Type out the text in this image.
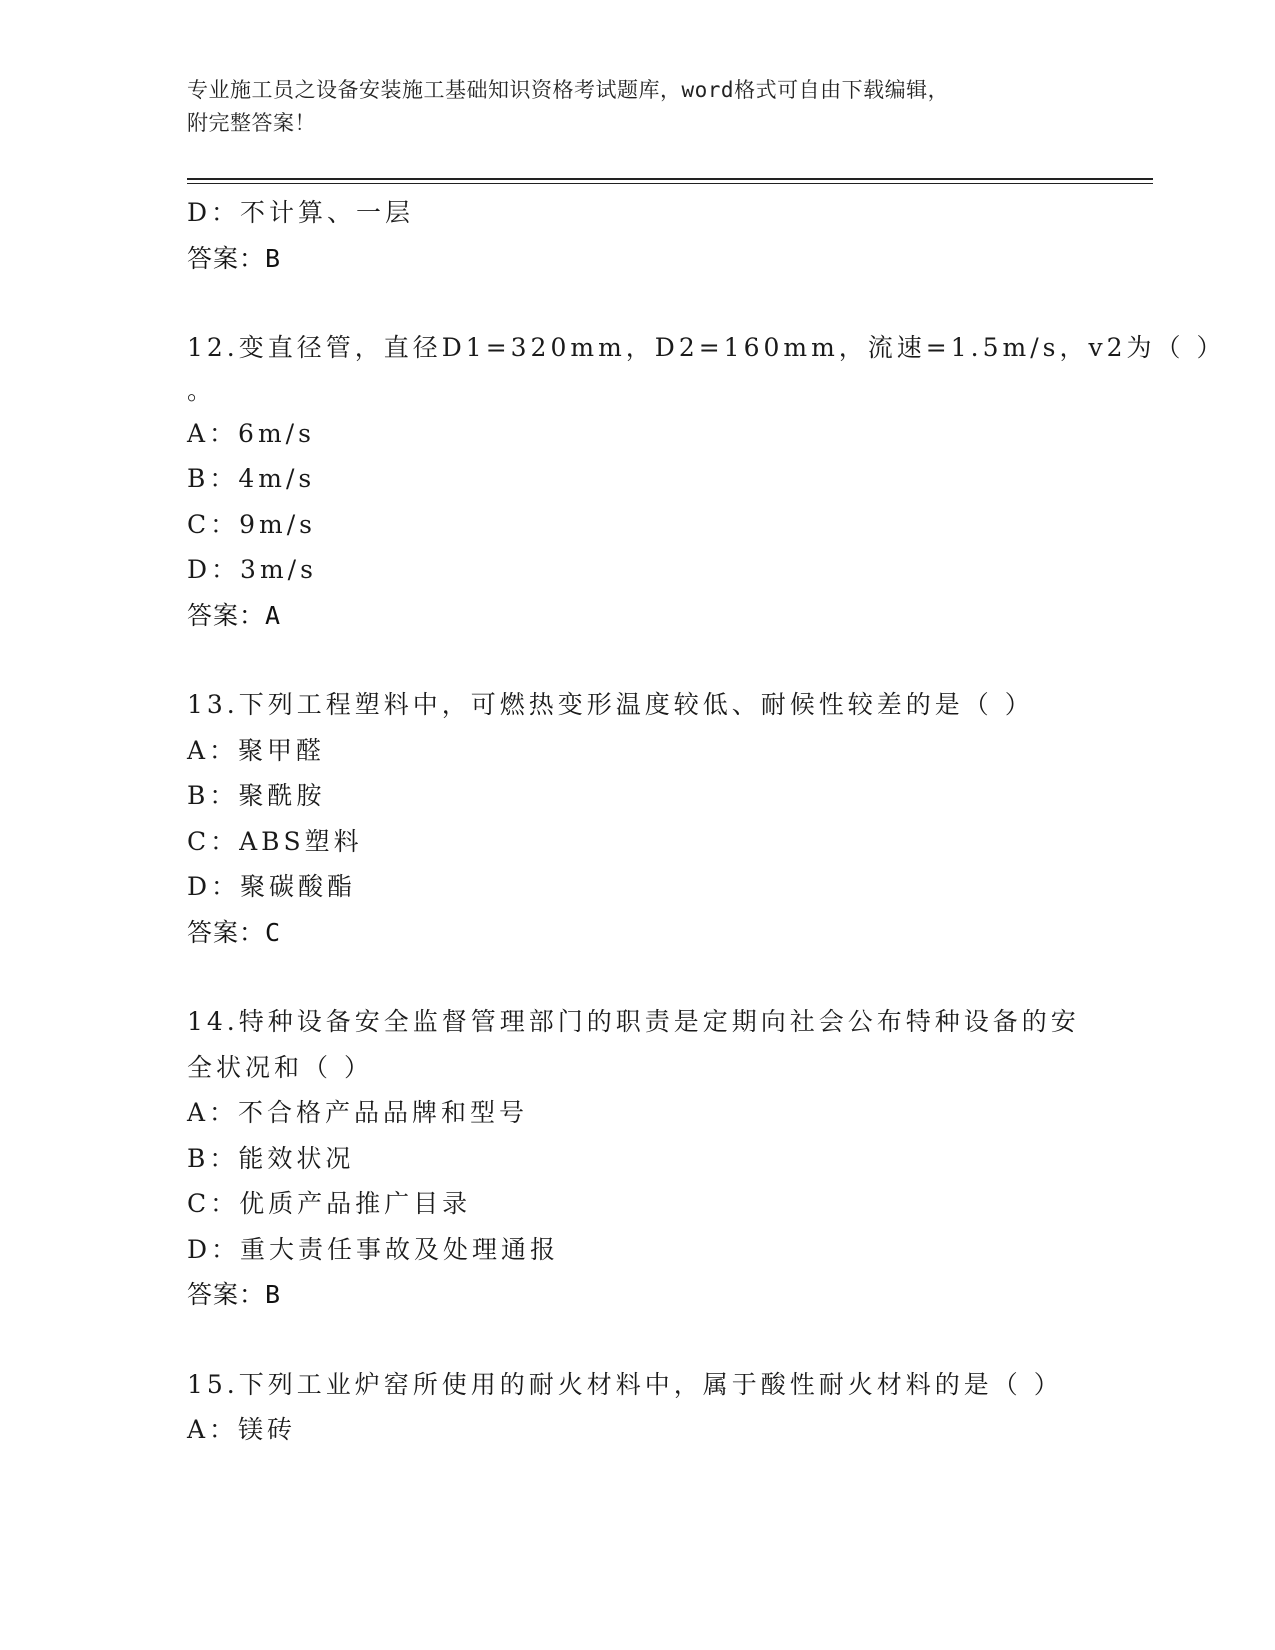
专业施工员之设备安装施工基础知识资格考试题库，word格式可自由下载编辑，
附完整答案！
D：不计算、一层
答案：B
12.变直径管，直径D1=320mm，D2=160mm，流速=1.5m/s，v2为（ ）
。
A：6m/s
B：4m/s
C：9m/s
D：3m/s
答案：A
13.下列工程塑料中，可燃热变形温度较低、耐候性较差的是（ ）
A：聚甲醛
B：聚酰胺
C：ABS塑料
D：聚碳酸酯
答案：C
14.特种设备安全监督管理部门的职责是定期向社会公布特种设备的安
全状况和（ ）
A：不合格产品品牌和型号
B：能效状况
C：优质产品推广目录
D：重大责任事故及处理通报
答案：B
15.下列工业炉窑所使用的耐火材料中，属于酸性耐火材料的是（ ）
A：镁砖
